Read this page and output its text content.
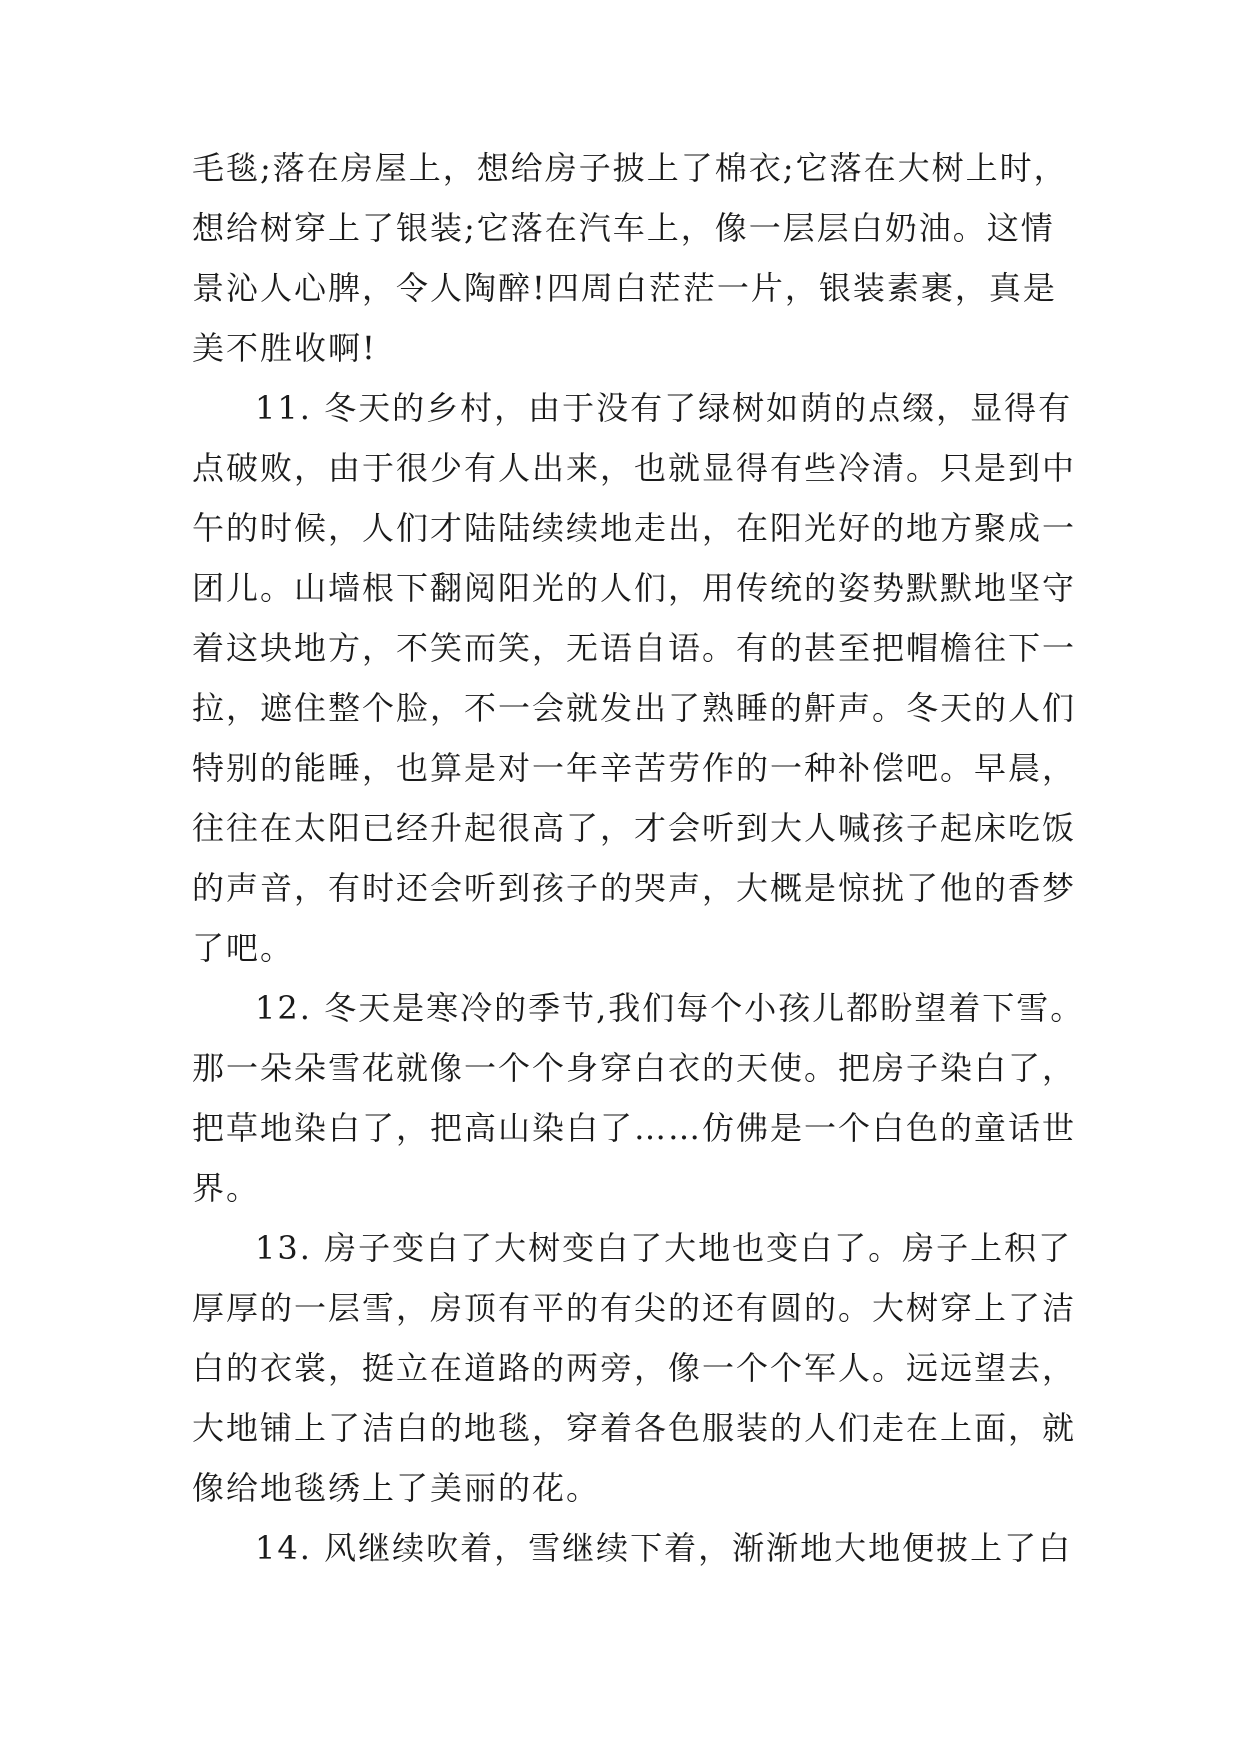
毛毯;落在房屋上，想给房子披上了棉衣;它落在大树上时，
想给树穿上了银装;它落在汽车上，像一层层白奶油。这情
景沁人心脾，令人陶醉!四周白茫茫一片，银装素裹，真是
美不胜收啊!
11. 冬天的乡村，由于没有了绿树如荫的点缀，显得有
点破败，由于很少有人出来，也就显得有些冷清。只是到中
午的时候，人们才陆陆续续地走出，在阳光好的地方聚成一
团儿。山墙根下翻阅阳光的人们，用传统的姿势默默地坚守
着这块地方，不笑而笑，无语自语。有的甚至把帽檐往下一
拉，遮住整个脸，不一会就发出了熟睡的鼾声。冬天的人们
特别的能睡，也算是对一年辛苦劳作的一种补偿吧。早晨，
往往在太阳已经升起很高了，才会听到大人喊孩子起床吃饭
的声音，有时还会听到孩子的哭声，大概是惊扰了他的香梦
了吧。
12. 冬天是寒冷的季节,我们每个小孩儿都盼望着下雪。
那一朵朵雪花就像一个个身穿白衣的天使。把房子染白了，
把草地染白了，把高山染白了……仿佛是一个白色的童话世
界。
13. 房子变白了大树变白了大地也变白了。房子上积了
厚厚的一层雪，房顶有平的有尖的还有圆的。大树穿上了洁
白的衣裳，挺立在道路的两旁，像一个个军人。远远望去，
大地铺上了洁白的地毯，穿着各色服装的人们走在上面，就
像给地毯绣上了美丽的花。
14. 风继续吹着，雪继续下着，渐渐地大地便披上了白
